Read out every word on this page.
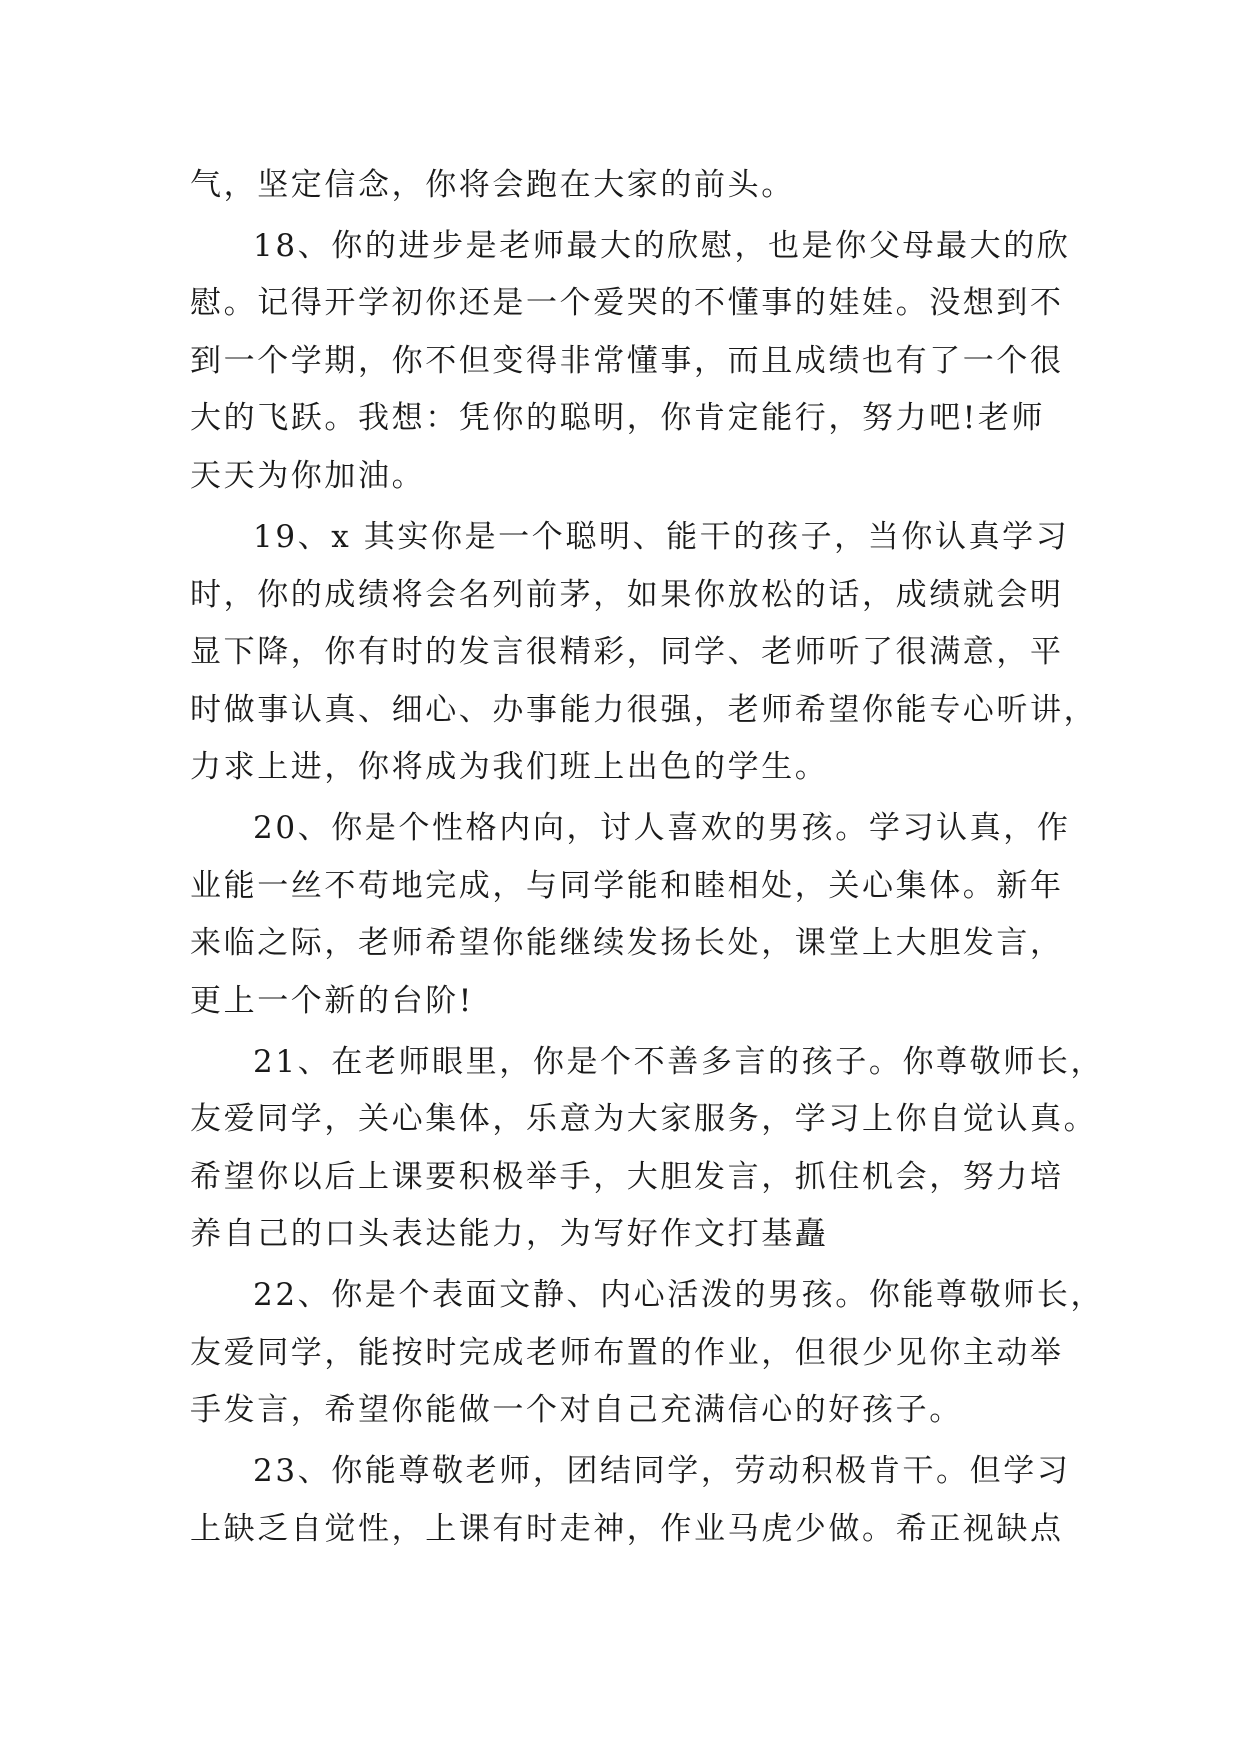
气，坚定信念，你将会跑在大家的前头。
18、你的进步是老师最大的欣慰，也是你父母最大的欣
慰。记得开学初你还是一个爱哭的不懂事的娃娃。没想到不
到一个学期，你不但变得非常懂事，而且成绩也有了一个很
大的飞跃。我想：凭你的聪明，你肯定能行，努力吧!老师
天天为你加油。
19、x 其实你是一个聪明、能干的孩子，当你认真学习
时，你的成绩将会名列前茅，如果你放松的话，成绩就会明
显下降，你有时的发言很精彩，同学、老师听了很满意，平
时做事认真、细心、办事能力很强，老师希望你能专心听讲，
力求上进，你将成为我们班上出色的学生。
20、你是个性格内向，讨人喜欢的男孩。学习认真，作
业能一丝不苟地完成，与同学能和睦相处，关心集体。新年
来临之际，老师希望你能继续发扬长处，课堂上大胆发言，
更上一个新的台阶!
21、在老师眼里，你是个不善多言的孩子。你尊敬师长，
友爱同学，关心集体，乐意为大家服务，学习上你自觉认真。
希望你以后上课要积极举手，大胆发言，抓住机会，努力培
养自己的口头表达能力，为写好作文打基矗
22、你是个表面文静、内心活泼的男孩。你能尊敬师长，
友爱同学，能按时完成老师布置的作业，但很少见你主动举
手发言，希望你能做一个对自己充满信心的好孩子。
23、你能尊敬老师，团结同学，劳动积极肯干。但学习
上缺乏自觉性，上课有时走神，作业马虎少做。希正视缺点
